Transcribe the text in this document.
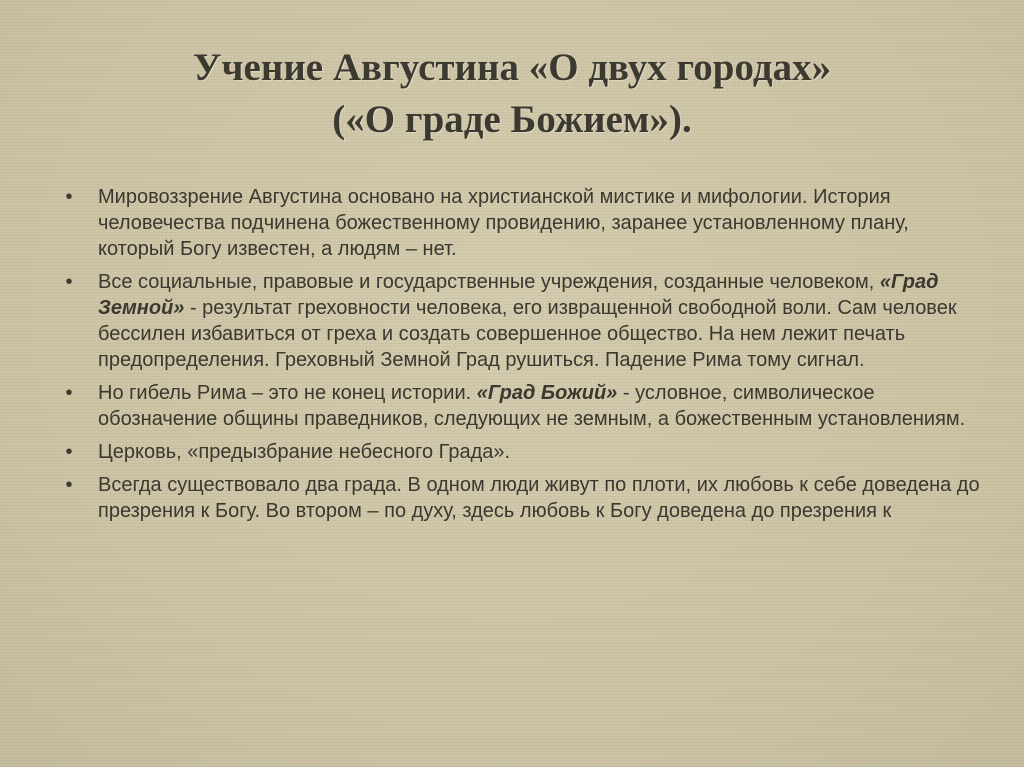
Учение Августина «О двух городах»
(«О граде Божием»).
• Мировоззрение Августина основано на христианской мистике и мифологии. История человечества подчинена божественному провидению, заранее установленному плану, который Богу известен, а людям – нет.
• Все социальные, правовые и государственные учреждения, созданные человеком, «Град Земной» - результат греховности человека, его извращенной свободной воли. Сам человек бессилен избавиться от греха и создать совершенное общество. На нем лежит печать предопределения. Греховный Земной Град рушиться. Падение Рима тому сигнал.
• Но гибель Рима – это не конец истории. «Град Божий» - условное, символическое обозначение общины праведников, следующих не земным, а божественным установлениям.
• Церковь, «предызбрание небесного Града».
• Всегда существовало два града. В одном люди живут по плоти, их любовь к себе доведена до презрения к Богу. Во втором – по духу, здесь любовь к Богу доведена до презрения к
